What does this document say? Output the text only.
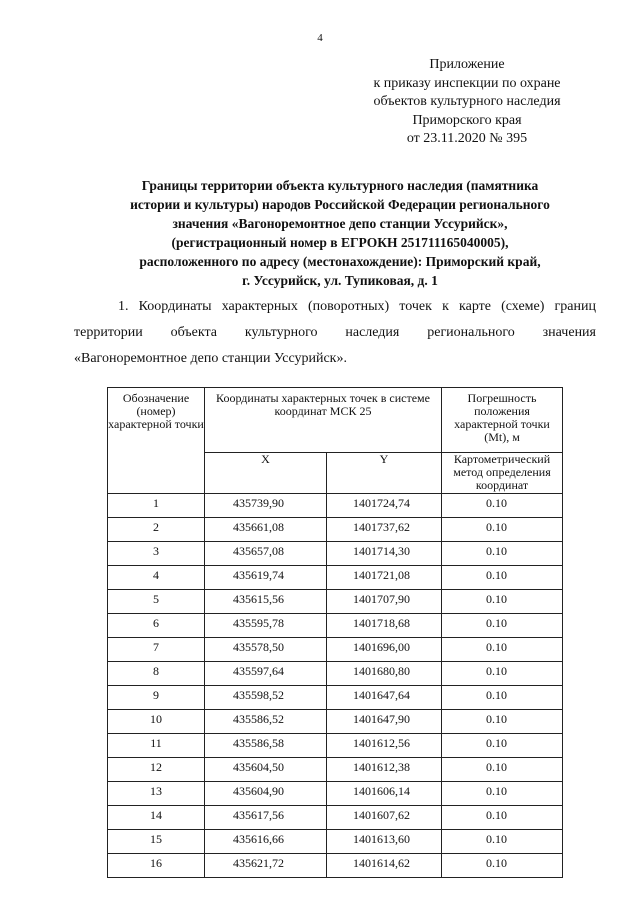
4
Приложение
к приказу инспекции по охране
объектов культурного наследия
Приморского края
от 23.11.2020 № 395
Границы территории объекта культурного наследия (памятника
истории и культуры) народов Российской Федерации регионального
значения «Вагоноремонтное депо станции Уссурийск»,
(регистрационный номер в ЕГРОКН 251711165040005),
расположенного по адресу (местонахождение): Приморский край,
г. Уссурийск, ул. Тупиковая, д. 1
1. Координаты характерных (поворотных) точек к карте (схеме) границ
территории объекта культурного наследия регионального значения
«Вагоноремонтное депо станции Уссурийск».
Обозначение (номер) характерной точки	Координаты характерных точек в системе координат МСК 25		Погрешность положения характерной точки (Mt), м
	X	Y	Картометрический метод определения координат
1	435739,90	1401724,74	0.10
2	435661,08	1401737,62	0.10
3	435657,08	1401714,30	0.10
4	435619,74	1401721,08	0.10
5	435615,56	1401707,90	0.10
6	435595,78	1401718,68	0.10
7	435578,50	1401696,00	0.10
8	435597,64	1401680,80	0.10
9	435598,52	1401647,64	0.10
10	435586,52	1401647,90	0.10
11	435586,58	1401612,56	0.10
12	435604,50	1401612,38	0.10
13	435604,90	1401606,14	0.10
14	435617,56	1401607,62	0.10
15	435616,66	1401613,60	0.10
16	435621,72	1401614,62	0.10
